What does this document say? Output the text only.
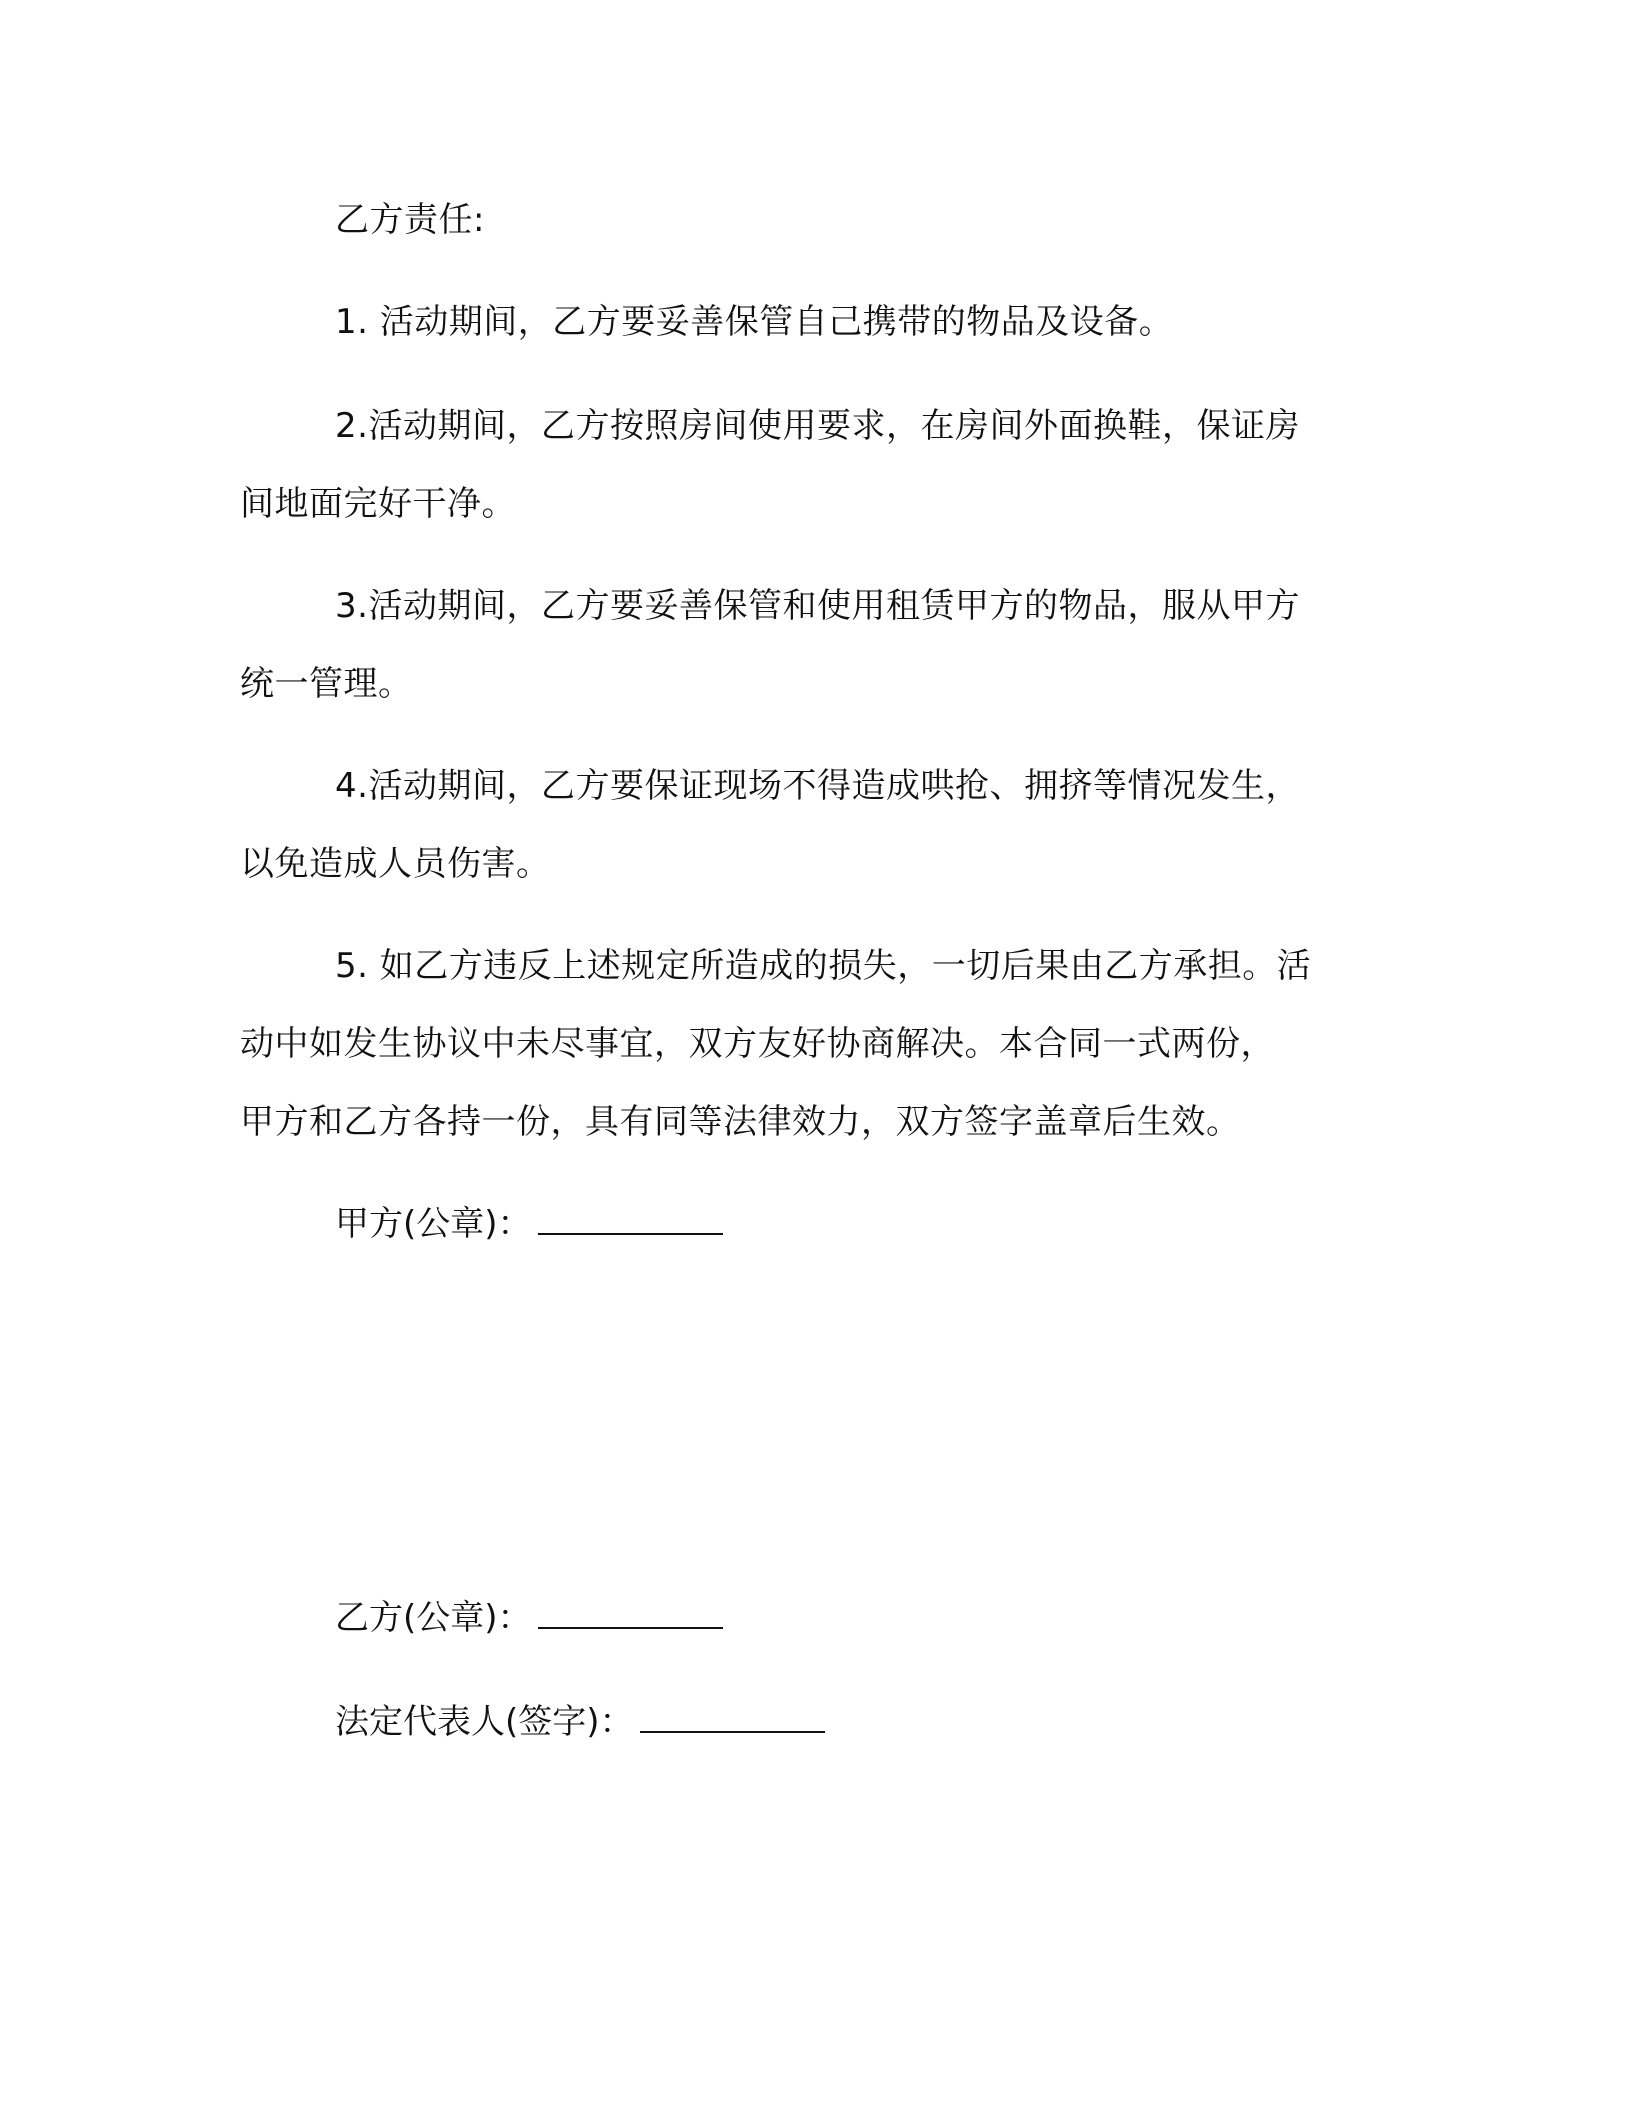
乙方责任:
1. 活动期间，乙方要妥善保管自己携带的物品及设备。
2.活动期间，乙方按照房间使用要求，在房间外面换鞋，保证房
间地面完好干净。
3.活动期间，乙方要妥善保管和使用租赁甲方的物品，服从甲方
统一管理。
4.活动期间，乙方要保证现场不得造成哄抢、拥挤等情况发生，
以免造成人员伤害。
5. 如乙方违反上述规定所造成的损失，一切后果由乙方承担。活
动中如发生协议中未尽事宜，双方友好协商解决。本合同一式两份，
甲方和乙方各持一份，具有同等法律效力，双方签字盖章后生效。
甲方(公章)：
乙方(公章)：
法定代表人(签字)：
